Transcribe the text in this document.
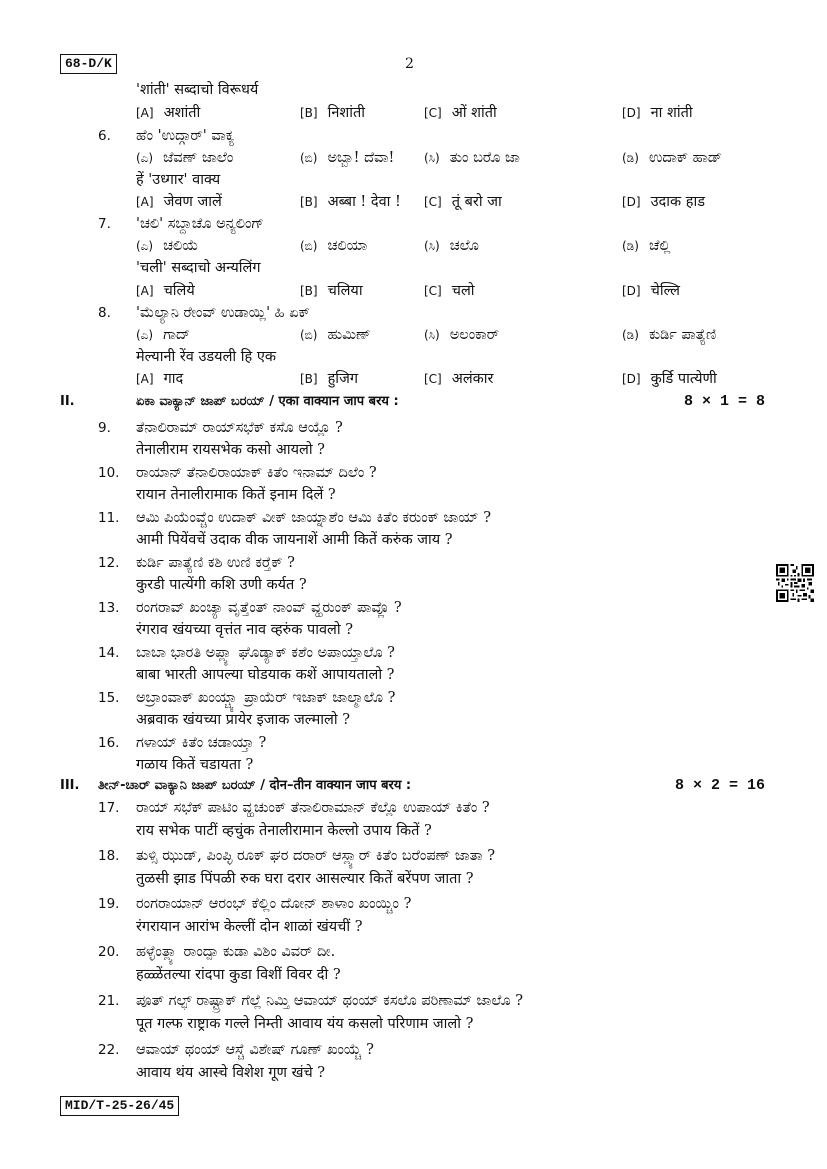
68-D/K	2
'शांती' सब्दाचो विरूधर्य
[A] अशांती	[B] निशांती	[C] ओं शांती	[D] ना शांती
6. ಹೆಂ 'ಉದ್ಗಾರ್' ವಾಕ್ಯ
(ಎ) ಜೆವಣ್ ಜಾಲೆಂ	(ಬಿ) ಅಬ್ಬಾ! ದೆವಾ! (ಸಿ) ತುಂ ಬರೊ ಜಾ	(ಡಿ) ಉದಾಕ್ ಹಾಡ್
हें 'उध्गार' वाक्य
[A] जेवण जालें	[B] अब्बा ! देवा ! [C] तूं बरो जा	[D] उदाक हाड
7. 'ಚಲಿ' ಸಬ್ದಾಚೊ ಅನ್ಯಲಿಂಗ್
(ಎ) ಚಲಿಯೆ	(ಬಿ) ಚಲಿಯಾ	(ಸಿ) ಚಲೊ	(ಡಿ) ಚೆಲ್ಲಿ
'चली' सब्दाचो अन्यलिंग
[A] चलिये	[B] चलिया	[C] चलो	[D] चेल्लि
8. 'ಮೆಲ್ಯಾನಿ ರೇಂವ್ ಉಡಾಯ್ಲಿ' ಹಿ ಏಕ್
(ಎ) ಗಾದ್	(ಬಿ) ಹುಮಿಣ್	(ಸಿ) ಅಲಂಕಾರ್	(ಡಿ) ಕುರ್ಡಿ ಪಾತ್ಯೆಣಿ
मेल्यानी रेंव उडयली हि एक
[A] गाद	[B] हुजिग	[C] अलंकार	[D] कुर्डि पात्येणी
II.	ಏಕಾ ವಾಕ್ಯಾನ್ ಜಾಪ್ ಬರಯ್ / एका वाक्यान जाप बरय :	8 × 1 = 8
9. ತೆನಾಲಿರಾಮ್ ರಾಯ್‌ಸಭೆಕ್ ಕಸೊ ಆಯ್ಲೊ ?
तेनालीराम रायसभेक कसो आयलो ?
10. ರಾಯಾನ್ ತೆನಾಲಿರಾಯಾಕ್ ಕಿತೆಂ ಇನಾಮ್ ದಿಲೆಂ ?
रायान तेनालीरामाक कितें इनाम दिलें ?
11. ಆಮಿ ಪಿಯೆಂವ್ಚೆಂ ಉದಾಕ್ ವೀಕ್ ಜಾಯ್ನಾಶೆಂ ಆಮಿ ಕಿತೆಂ ಕರುಂಕ್ ಜಾಯ್ ?
आमी पियेंवचें उदाक वीक जायनाशें आमी कितें करुंक जाय ?
12. ಕುರ್ಡಿ ಪಾತ್ಯೆಣಿ ಕಶಿ ಉಣಿ ಕರ್‍ತೆಕ್ ?
कुरडी पात्येंगी कशि उणी कर्यत ?
13. ರಂಗರಾವ್ ಖಂಚ್ಯಾ ವೃತ್ತೆಂತ್ ನಾಂವ್ ವ್ಹರುಂಕ್ ಪಾವ್ಲೊ ?
रंगराव खंयच्या वृत्तंत नाव व्हरुंक पावलो ?
14. ಬಾಬಾ ಭಾರತಿ ಅಪ್ಲ್ಯಾ ಘೊಡ್ಯಾಕ್ ಕಶೆಂ ಅಪಾಯ್ತಾಲೊ ?
बाबा भारती आपल्या घोडयाक कशें आपायतालो ?
15. ಅಬ್ರಾಂವಾಕ್ ಖಂಯ್ಚ್ಯಾ ಪ್ರಾಯೆರ್ ಇಜಾಕ್ ಜಾಲ್ಮಾಲೊ ?
अब्रवाक खंयच्या प्रायेर इजाक जल्मालो ?
16. ಗಳಾಯ್ ಕಿತೆಂ ಚಡಾಯ್ತಾ ?
गळाय कितें चडायता ?
III. ತೀನ್-ಚಾರ್ ವಾಕ್ಯಾನಿ ಜಾಪ್ ಬರಯ್ / दोन–तीन वाक्यान जाप बरय :	8 × 2 = 16
17. ರಾಯ್ ಸಭೆಕ್ ಪಾಟಿಂ ವ್ಹಚುಂಕ್ ತೆನಾಲಿರಾಮಾನ್ ಕೆಲ್ಲೊ ಉಪಾಯ್ ಕಿತೆಂ ?
राय सभेक पाटीं व्हचुंक तेनालीरामान केल्लो उपाय कितें ?
18. ತುಳ್ಸಿ ಝುಡ್, ಪಿಂಪ್ಳಿ ರೂಕ್ ಘರ ದರಾರ್ ಆಸ್ಲ್ಯಾರ್ ಕಿತೆಂ ಬರೆಂಪಣ್ ಜಾತಾ ?
तुळसी झाड पिंपळी रुक घरा दरार आसल्यार कितें बरेंपण जाता ?
19. ರಂಗರಾಯಾನ್ ಆರಂಭ್ ಕೆಲ್ಲಿಂ ದೋನ್ ಶಾಳಾಂ ಖಂಯ್ಚಿಂ ?
रंगरायान आरांभ केल्लीं दोन शाळां खंयचीं ?
20. ಹಳ್ಳೆಂತ್ಲ್ಯಾ ರಾಂದ್ಪಾ ಕುಡಾ ವಿಶಿಂ ವಿವರ್ ದೀ.
हळ्ळेंतल्या रांदपा कुडा विशीं विवर दी ?
21. ಪೂತ್ ಗಲ್ಫ್ ರಾಷ್ಟ್ರಾಕ್ ಗೆಲ್ಲೆ ನಿಮ್ತಿ ಆವಾಯ್ ಥಂಯ್ ಕಸಲೊ ಪರಿಣಾಮ್ ಜಾಲೊ ?
पूत गल्फ राष्ट्राक गल्ले निम्ती आवाय यंय कसलो परिणाम जालो ?
22. ಆವಾಯ್ ಥಂಯ್ ಆಸ್ಚೆ ವಿಶೇಷ್ ಗೂಣ್ ಖಂಯ್ಚೆ ?
आवाय थंय आस्चे विशेश गूण खंचे ?
MID/T-25-26/45
